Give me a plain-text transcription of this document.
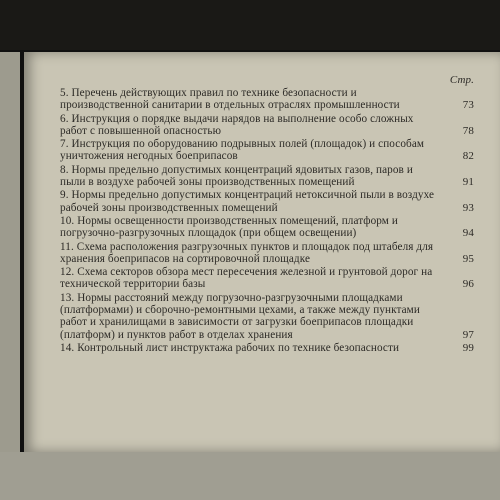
Стр.
5. Перечень действующих правил по технике безопасности и производственной санитарии в отдельных отраслях промышленности	73
6. Инструкция о порядке выдачи нарядов на выполнение особо сложных работ с повышенной опасностью	78
7. Инструкция по оборудованию подрывных полей (площадок) и способам уничтожения негодных боеприпасов	82
8. Нормы предельно допустимых концентраций ядовитых газов, паров и пыли в воздухе рабочей зоны производственных помещений	91
9. Нормы предельно допустимых концентраций нетоксичной пыли в воздухе рабочей зоны производственных помещений	93
10. Нормы освещенности производственных помещений, платформ и погрузочно-разгрузочных площадок (при общем освещении)	94
11. Схема расположения разгрузочных пунктов и площадок под штабеля для хранения боеприпасов на сортировочной площадке	95
12. Схема секторов обзора мест пересечения железной и грунтовой дорог на технической территории базы	96
13. Нормы расстояний между погрузочно-разгрузочными площадками (платформами) и сборочно-ремонтными цехами, а также между пунктами работ и хранилищами в зависимости от загрузки боеприпасов площадки (платформ) и пунктов работ в отделах хранения	97
14. Контрольный лист инструктажа рабочих по технике безопасности	99
